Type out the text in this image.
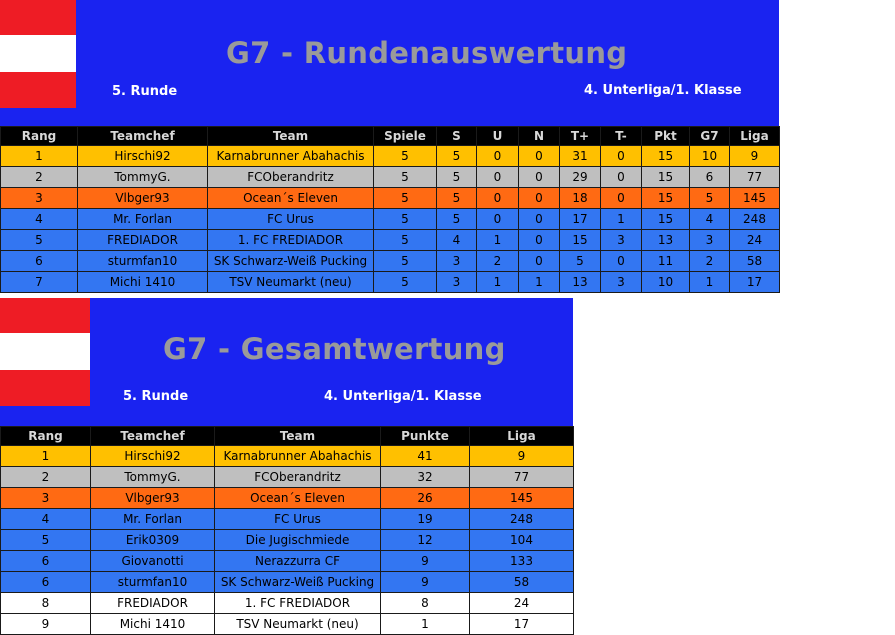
G7 - Rundenauswertung
5. Runde	4. Unterliga/1. Klasse
Rang	Teamchef	Team	Spiele	S	U	N	T+	T-	Pkt	G7	Liga
1	Hirschi92	Karnabrunner Abahachis	5	5	0	0	31	0	15	10	9
2	TommyG.	FCOberandritz	5	5	0	0	29	0	15	6	77
3	Vlbger93	Ocean´s Eleven	5	5	0	0	18	0	15	5	145
4	Mr. Forlan	FC Urus	5	5	0	0	17	1	15	4	248
5	FREDIADOR	1. FC FREDIADOR	5	4	1	0	15	3	13	3	24
6	sturmfan10	SK Schwarz-Weiß Pucking	5	3	2	0	5	0	11	2	58
7	Michi 1410	TSV Neumarkt (neu)	5	3	1	1	13	3	10	1	17
G7 - Gesamtwertung
5. Runde	4. Unterliga/1. Klasse
Rang	Teamchef	Team	Punkte	Liga
1	Hirschi92	Karnabrunner Abahachis	41	9
2	TommyG.	FCOberandritz	32	77
3	Vlbger93	Ocean´s Eleven	26	145
4	Mr. Forlan	FC Urus	19	248
5	Erik0309	Die Jugischmiede	12	104
6	Giovanotti	Nerazzurra CF	9	133
6	sturmfan10	SK Schwarz-Weiß Pucking	9	58
8	FREDIADOR	1. FC FREDIADOR	8	24
9	Michi 1410	TSV Neumarkt (neu)	1	17
